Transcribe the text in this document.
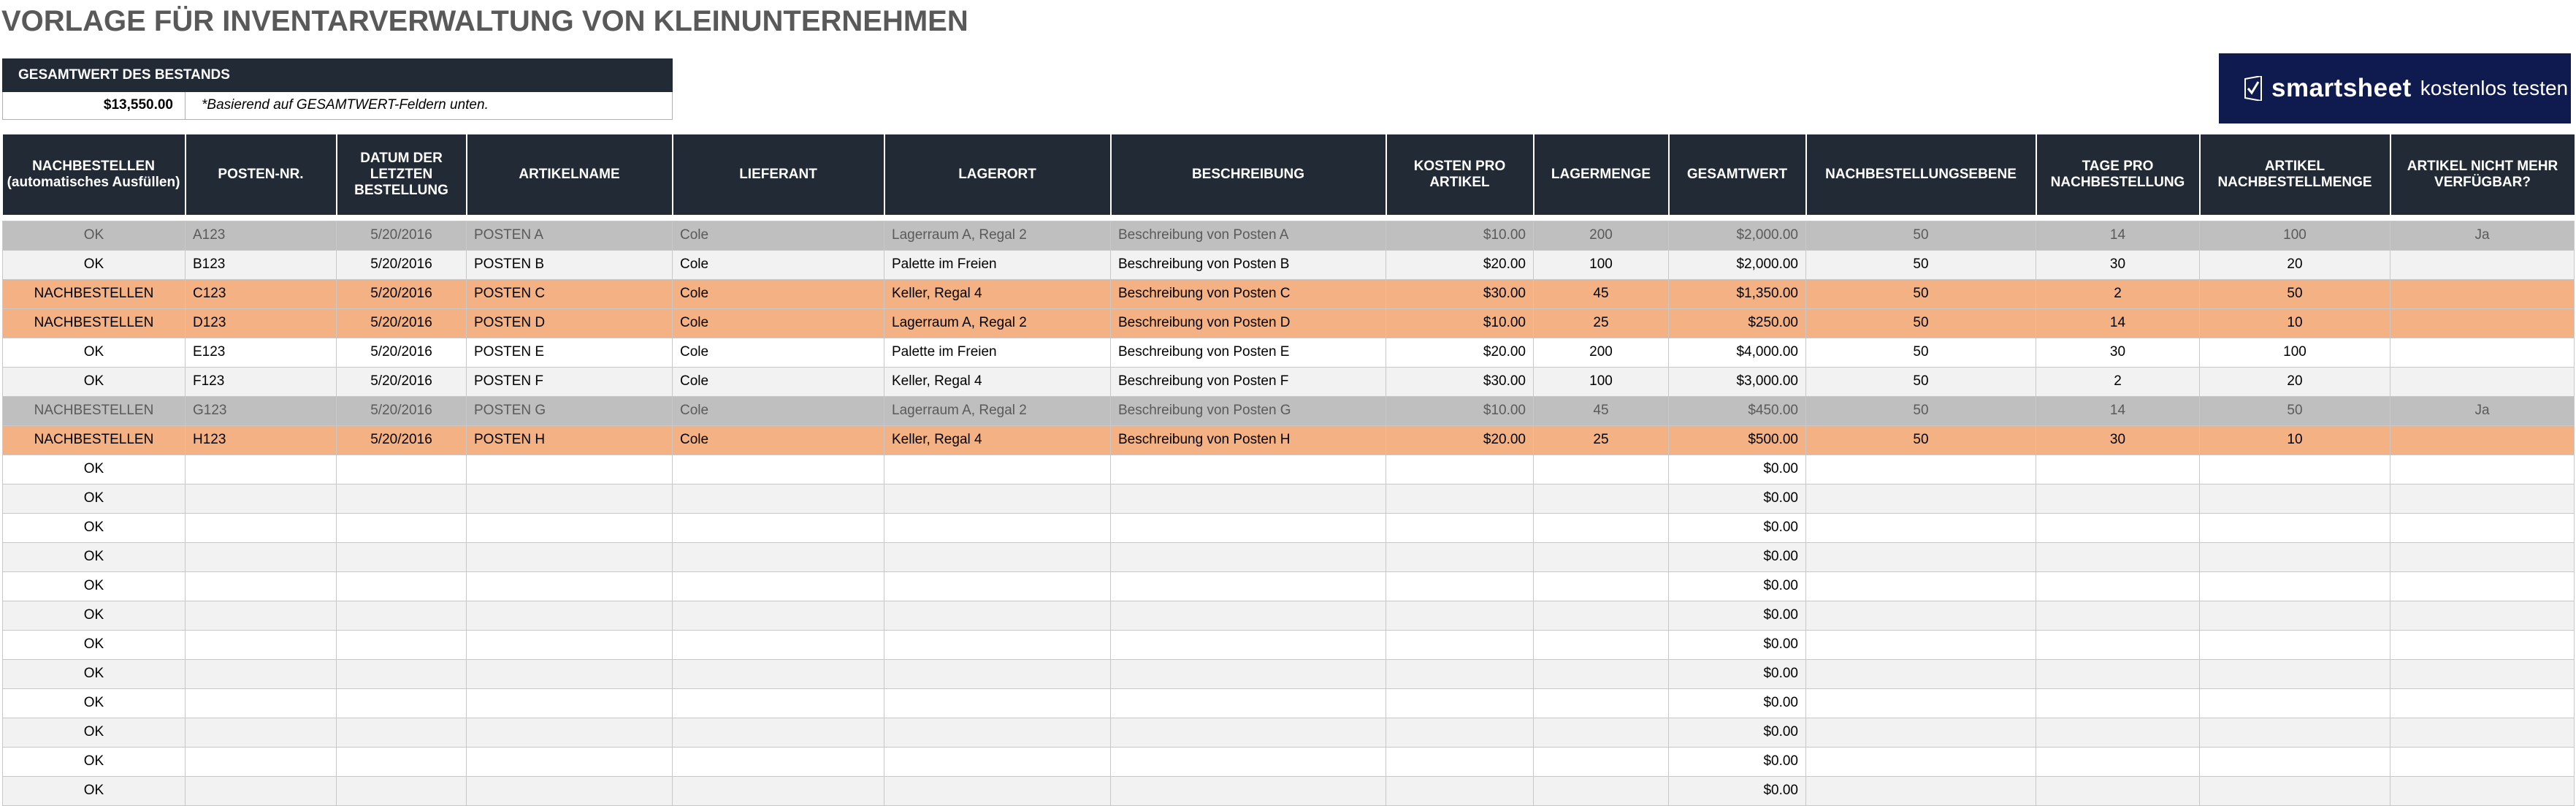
VORLAGE FÜR INVENTARVERWALTUNG VON KLEINUNTERNEHMEN
GESAMTWERT DES BESTANDS
$13,550.00	*Basierend auf GESAMTWERT-Feldern unten.
smartsheet kostenlos testen
NACHBESTELLEN (automatisches Ausfüllen)	POSTEN-NR.	DATUM DER LETZTEN BESTELLUNG	ARTIKELNAME	LIEFERANT	LAGERORT	BESCHREIBUNG	KOSTEN PRO ARTIKEL	LAGERMENGE	GESAMTWERT	NACHBESTELLUNGSEBENE	TAGE PRO NACHBESTELLUNG	ARTIKEL NACHBESTELLMENGE	ARTIKEL NICHT MEHR VERFÜGBAR?

OK	A123	5/20/2016	POSTEN A	Cole	Lagerraum A, Regal 2	Beschreibung von Posten A	$10.00	200	$2,000.00	50	14	100	Ja
OK	B123	5/20/2016	POSTEN B	Cole	Palette im Freien	Beschreibung von Posten B	$20.00	100	$2,000.00	50	30	20	
NACHBESTELLEN	C123	5/20/2016	POSTEN C	Cole	Keller, Regal 4	Beschreibung von Posten C	$30.00	45	$1,350.00	50	2	50	
NACHBESTELLEN	D123	5/20/2016	POSTEN D	Cole	Lagerraum A, Regal 2	Beschreibung von Posten D	$10.00	25	$250.00	50	14	10	
OK	E123	5/20/2016	POSTEN E	Cole	Palette im Freien	Beschreibung von Posten E	$20.00	200	$4,000.00	50	30	100	
OK	F123	5/20/2016	POSTEN F	Cole	Keller, Regal 4	Beschreibung von Posten F	$30.00	100	$3,000.00	50	2	20	
NACHBESTELLEN	G123	5/20/2016	POSTEN G	Cole	Lagerraum A, Regal 2	Beschreibung von Posten G	$10.00	45	$450.00	50	14	50	Ja
NACHBESTELLEN	H123	5/20/2016	POSTEN H	Cole	Keller, Regal 4	Beschreibung von Posten H	$20.00	25	$500.00	50	30	10	
OK									$0.00				
OK									$0.00				
OK									$0.00				
OK									$0.00				
OK									$0.00				
OK									$0.00				
OK									$0.00				
OK									$0.00				
OK									$0.00				
OK									$0.00				
OK									$0.00				
OK									$0.00				
